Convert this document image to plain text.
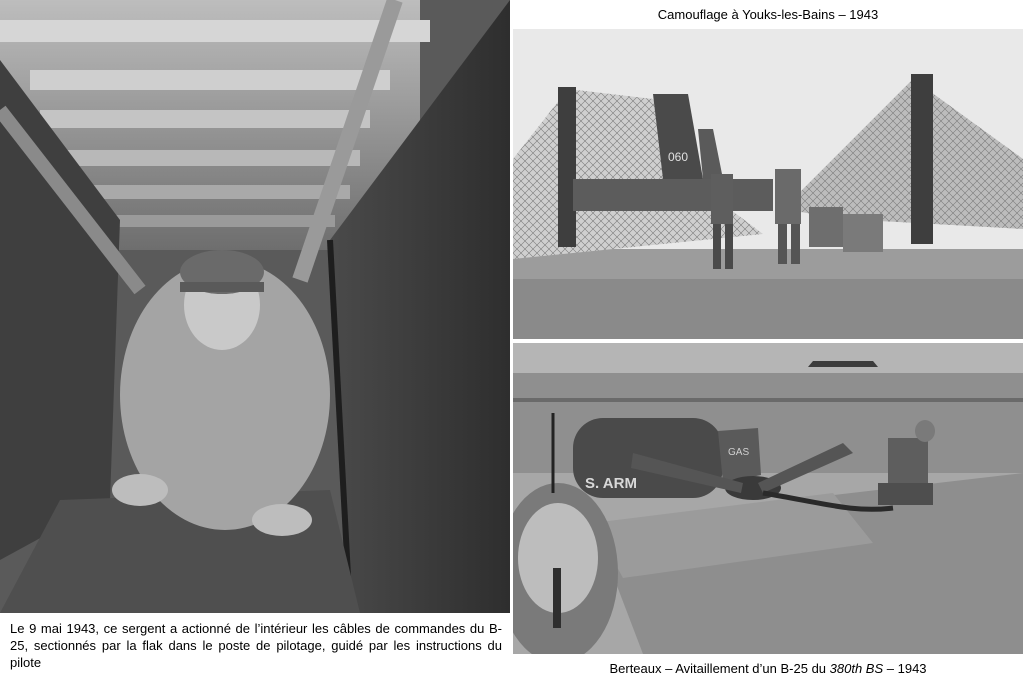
060
S. ARM
GAS
Camouflage à Youks-les-Bains – 1943
Le 9 mai 1943, ce sergent a actionné de l’intérieur les câbles de commandes du B-25, sectionnés par la flak dans le poste de pilotage, guidé par les instructions du pilote	Berteaux – Avitaillement d’un B-25 du 380th BS – 1943
